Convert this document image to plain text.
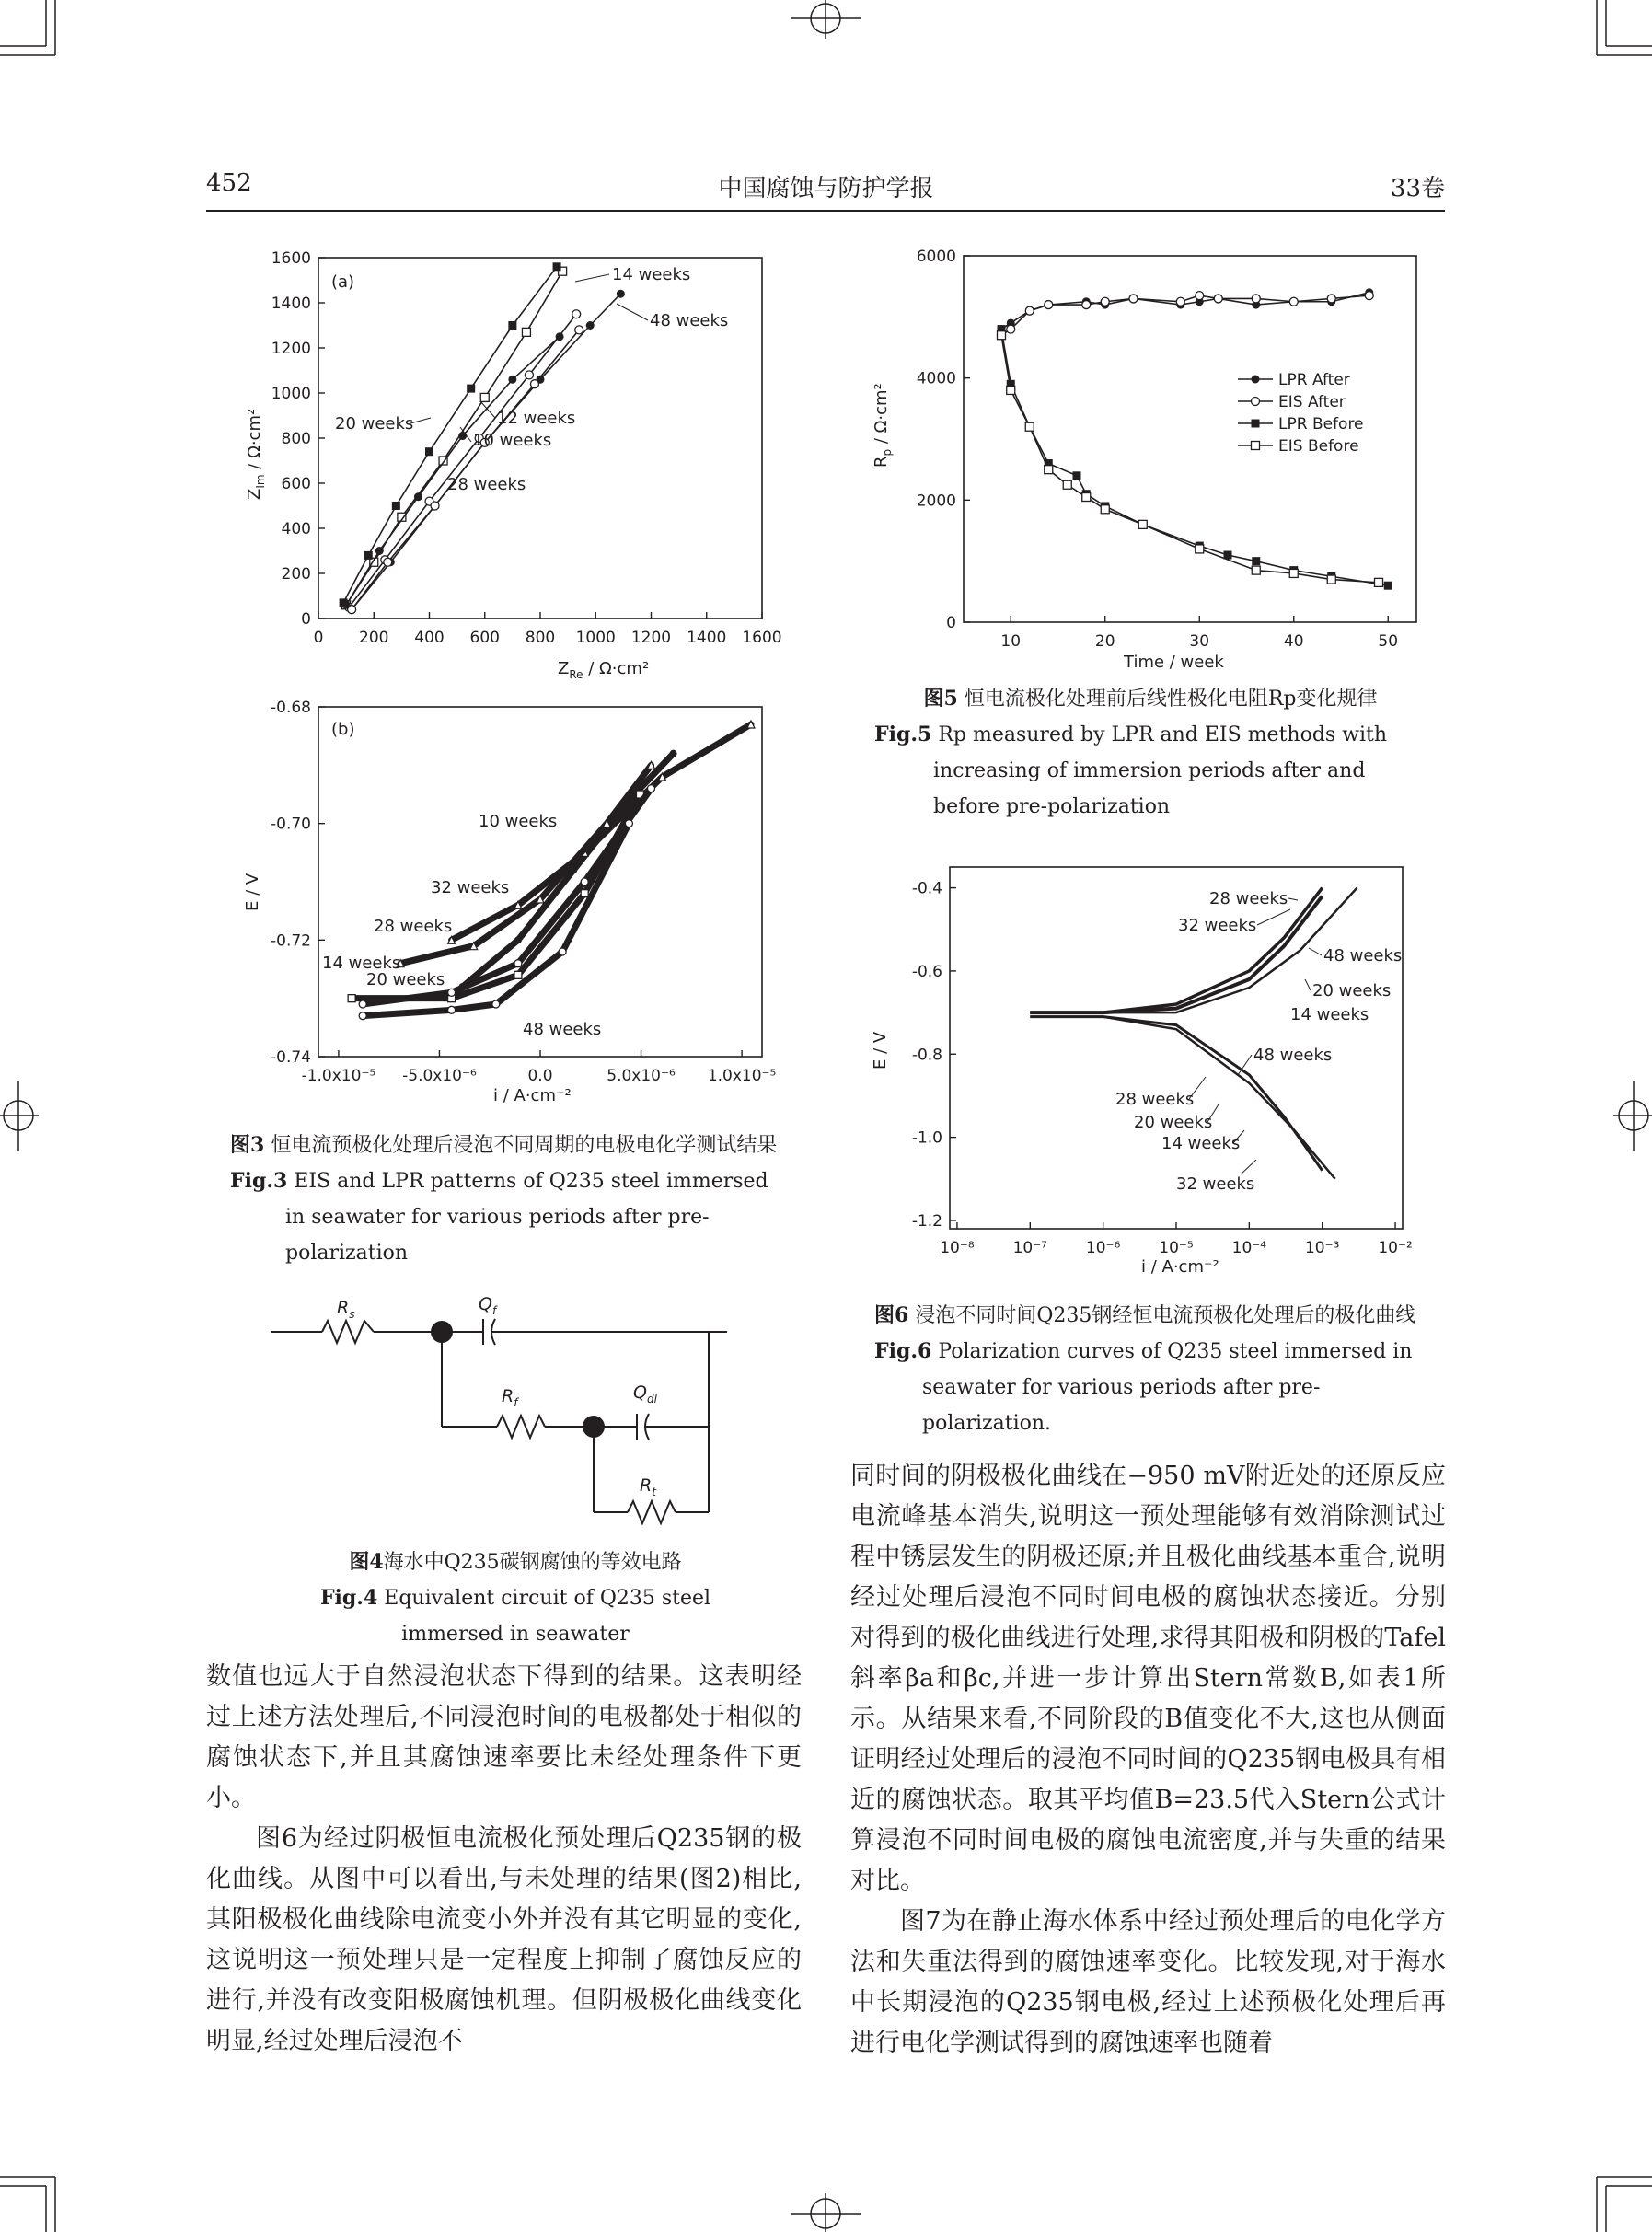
452	中国腐蚀与防护学报	33卷
0 200 400 600 800 1000 1200 1400 1600
0
200
400
600
800
1000
1200
1400
1600
(a)	14 weeks
48 weeks
20 weeks	12 weeks
10 weeks
28 weeks
$Z_{Re} / \Omega\cdot cm^2$
$Z_{Im} / \Omega\cdot cm^2$
-1.0x10⁻⁵ -5.0x10⁻⁶	0.0	5.0x10⁻⁶ 1.0x10⁻⁵
-0.68
-0.70
-0.72
-0.74
(b)
10 weeks
32 weeks
28 weeks
14 weeks
20 weeks
48 weeks
i / A·cm⁻²
E / V
图3 恒电流预极化处理后浸泡不同周期的电极电化学测试结果
Fig.3 EIS and LPR patterns of Q235 steel immersed in seawater for various periods after pre-polarization
$R_s$	$Q_f$
$R_f$	$Q_{dl}$
$R_t$
图4海水中Q235碳钢腐蚀的等效电路
Fig.4 Equivalent circuit of Q235 steel immersed in seawater

数值也远大于自然浸泡状态下得到的结果。这表明经过上述方法处理后,不同浸泡时间的电极都处于相似的腐蚀状态下,并且其腐蚀速率要比未经处理条件下更小。

图6为经过阴极恒电流极化预处理后Q235钢的极化曲线。从图中可以看出,与未处理的结果(图2)相比,其阳极极化曲线除电流变小外并没有其它明显的变化,这说明这一预处理只是一定程度上抑制了腐蚀反应的进行,并没有改变阳极腐蚀机理。但阴极极化曲线变化明显,经过处理后浸泡不

10	20	30	40	50
0
2000
4000
6000
LPR After
EIS After
LPR Before
EIS Before
Time / week
$R_p / \Omega\cdot cm^2$
图5 恒电流极化处理前后线性极化电阻Rp变化规律
Fig.5 Rp measured by LPR and EIS methods with increasing of immersion periods after and before pre-polarization
10⁻⁸ 10⁻⁷ 10⁻⁶ 10⁻⁵ 10⁻⁴ 10⁻³ 10⁻²
-0.4
-0.6
-0.8
-1.0
-1.2
28 weeks
32 weeks
48 weeks
20 weeks
14 weeks
48 weeks
28 weeks
20 weeks
14 weeks
32 weeks
i / A·cm⁻²
E / V
图6 浸泡不同时间Q235钢经恒电流预极化处理后的极化曲线
Fig.6 Polarization curves of Q235 steel immersed in seawater for various periods after pre-polarization.

同时间的阴极极化曲线在−950 mV附近处的还原反应电流峰基本消失,说明这一预处理能够有效消除测试过程中锈层发生的阴极还原;并且极化曲线基本重合,说明经过处理后浸泡不同时间电极的腐蚀状态接近。分别对得到的极化曲线进行处理,求得其阳极和阴极的Tafel斜率βa和βc,并进一步计算出Stern常数B,如表1所示。从结果来看,不同阶段的B值变化不大,这也从侧面证明经过处理后的浸泡不同时间的Q235钢电极具有相近的腐蚀状态。取其平均值B=23.5代入Stern公式计算浸泡不同时间电极的腐蚀电流密度,并与失重的结果对比。

图7为在静止海水体系中经过预处理后的电化学方法和失重法得到的腐蚀速率变化。比较发现,对于海水中长期浸泡的Q235钢电极,经过上述预极化处理后再进行电化学测试得到的腐蚀速率也随着
